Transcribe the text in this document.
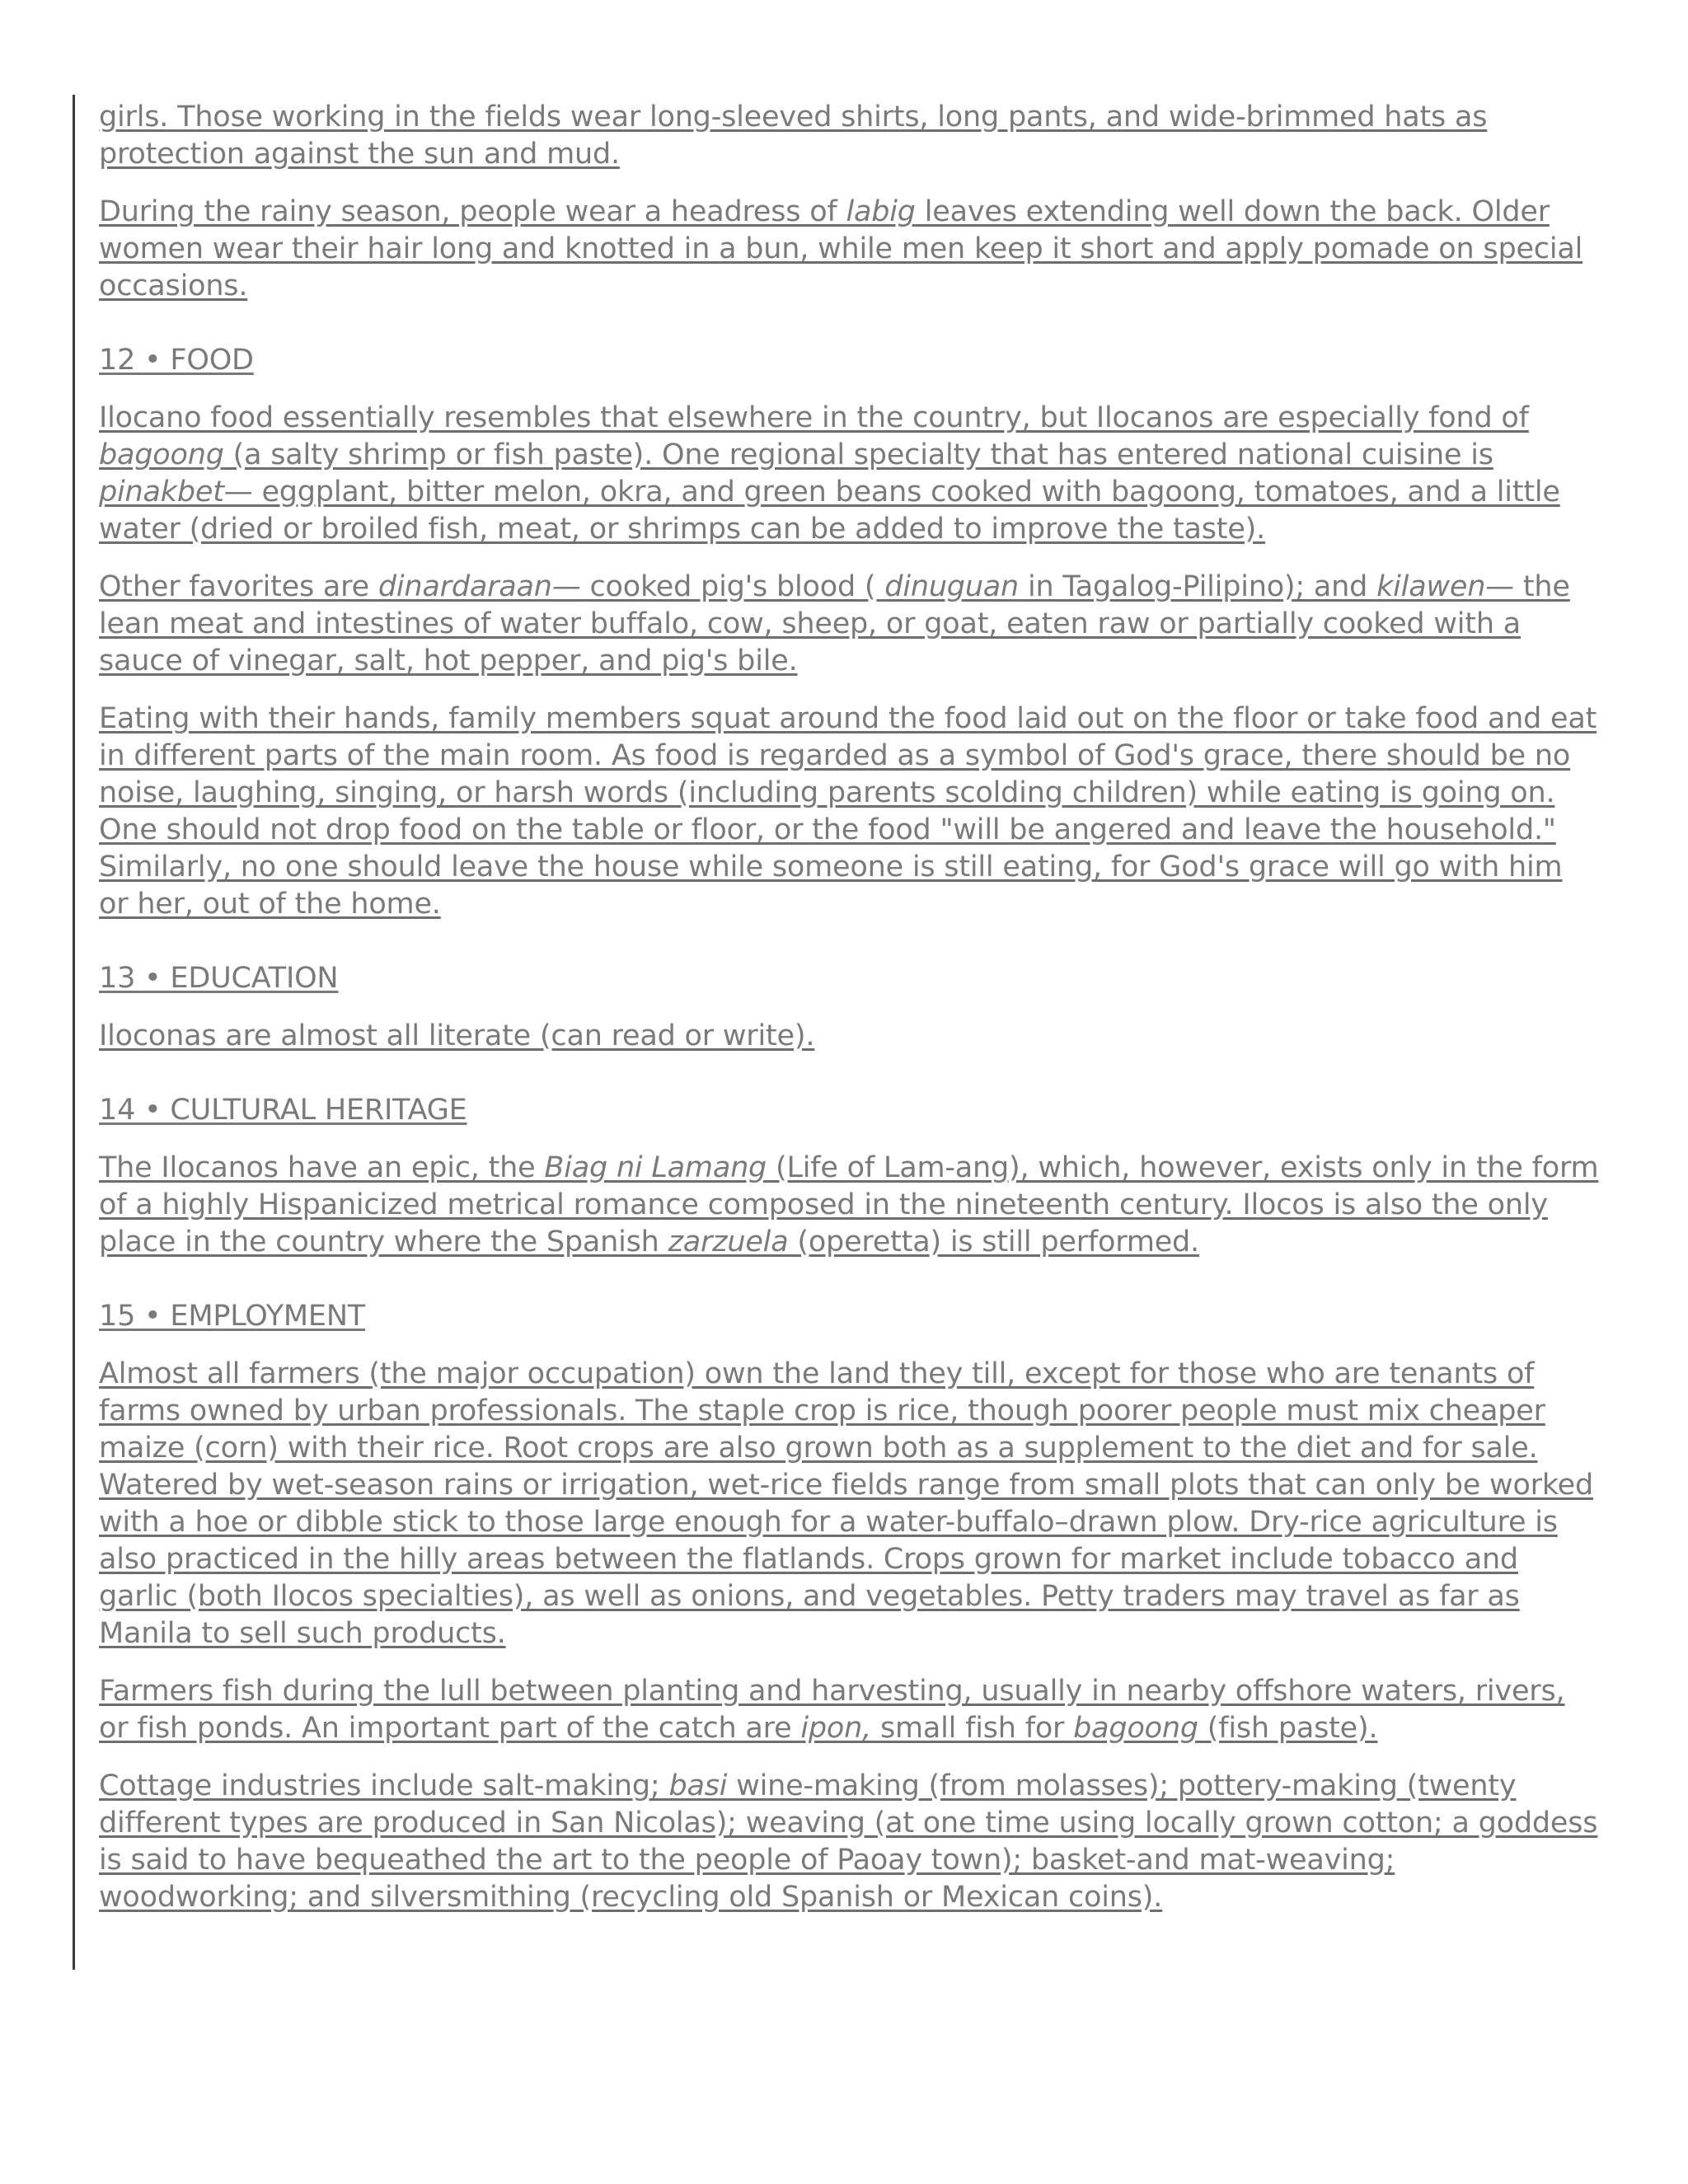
girls. Those working in the fields wear long-sleeved shirts, long pants, and wide-brimmed hats as protection against the sun and mud.

During the rainy season, people wear a headress of labig leaves extending well down the back. Older women wear their hair long and knotted in a bun, while men keep it short and apply pomade on special occasions.

12 • FOOD

Ilocano food essentially resembles that elsewhere in the country, but Ilocanos are especially fond of bagoong (a salty shrimp or fish paste). One regional specialty that has entered national cuisine is pinakbet— eggplant, bitter melon, okra, and green beans cooked with bagoong, tomatoes, and a little water (dried or broiled fish, meat, or shrimps can be added to improve the taste).

Other favorites are dinardaraan— cooked pig's blood ( dinuguan in Tagalog-Pilipino); and kilawen— the lean meat and intestines of water buffalo, cow, sheep, or goat, eaten raw or partially cooked with a sauce of vinegar, salt, hot pepper, and pig's bile.

Eating with their hands, family members squat around the food laid out on the floor or take food and eat in different parts of the main room. As food is regarded as a symbol of God's grace, there should be no noise, laughing, singing, or harsh words (including parents scolding children) while eating is going on. One should not drop food on the table or floor, or the food "will be angered and leave the household." Similarly, no one should leave the house while someone is still eating, for God's grace will go with him or her, out of the home.

13 • EDUCATION

Iloconas are almost all literate (can read or write).

14 • CULTURAL HERITAGE

The Ilocanos have an epic, the Biag ni Lamang (Life of Lam-ang), which, however, exists only in the form of a highly Hispanicized metrical romance composed in the nineteenth century. Ilocos is also the only place in the country where the Spanish zarzuela (operetta) is still performed.

15 • EMPLOYMENT

Almost all farmers (the major occupation) own the land they till, except for those who are tenants of farms owned by urban professionals. The staple crop is rice, though poorer people must mix cheaper maize (corn) with their rice. Root crops are also grown both as a supplement to the diet and for sale. Watered by wet-season rains or irrigation, wet-rice fields range from small plots that can only be worked with a hoe or dibble stick to those large enough for a water-buffalo–drawn plow. Dry-rice agriculture is also practiced in the hilly areas between the flatlands. Crops grown for market include tobacco and garlic (both Ilocos specialties), as well as onions, and vegetables. Petty traders may travel as far as Manila to sell such products.

Farmers fish during the lull between planting and harvesting, usually in nearby offshore waters, rivers, or fish ponds. An important part of the catch are ipon, small fish for bagoong (fish paste).

Cottage industries include salt-making; basi wine-making (from molasses); pottery-making (twenty different types are produced in San Nicolas); weaving (at one time using locally grown cotton; a goddess is said to have bequeathed the art to the people of Paoay town); basket-and mat-weaving; woodworking; and silversmithing (recycling old Spanish or Mexican coins).
